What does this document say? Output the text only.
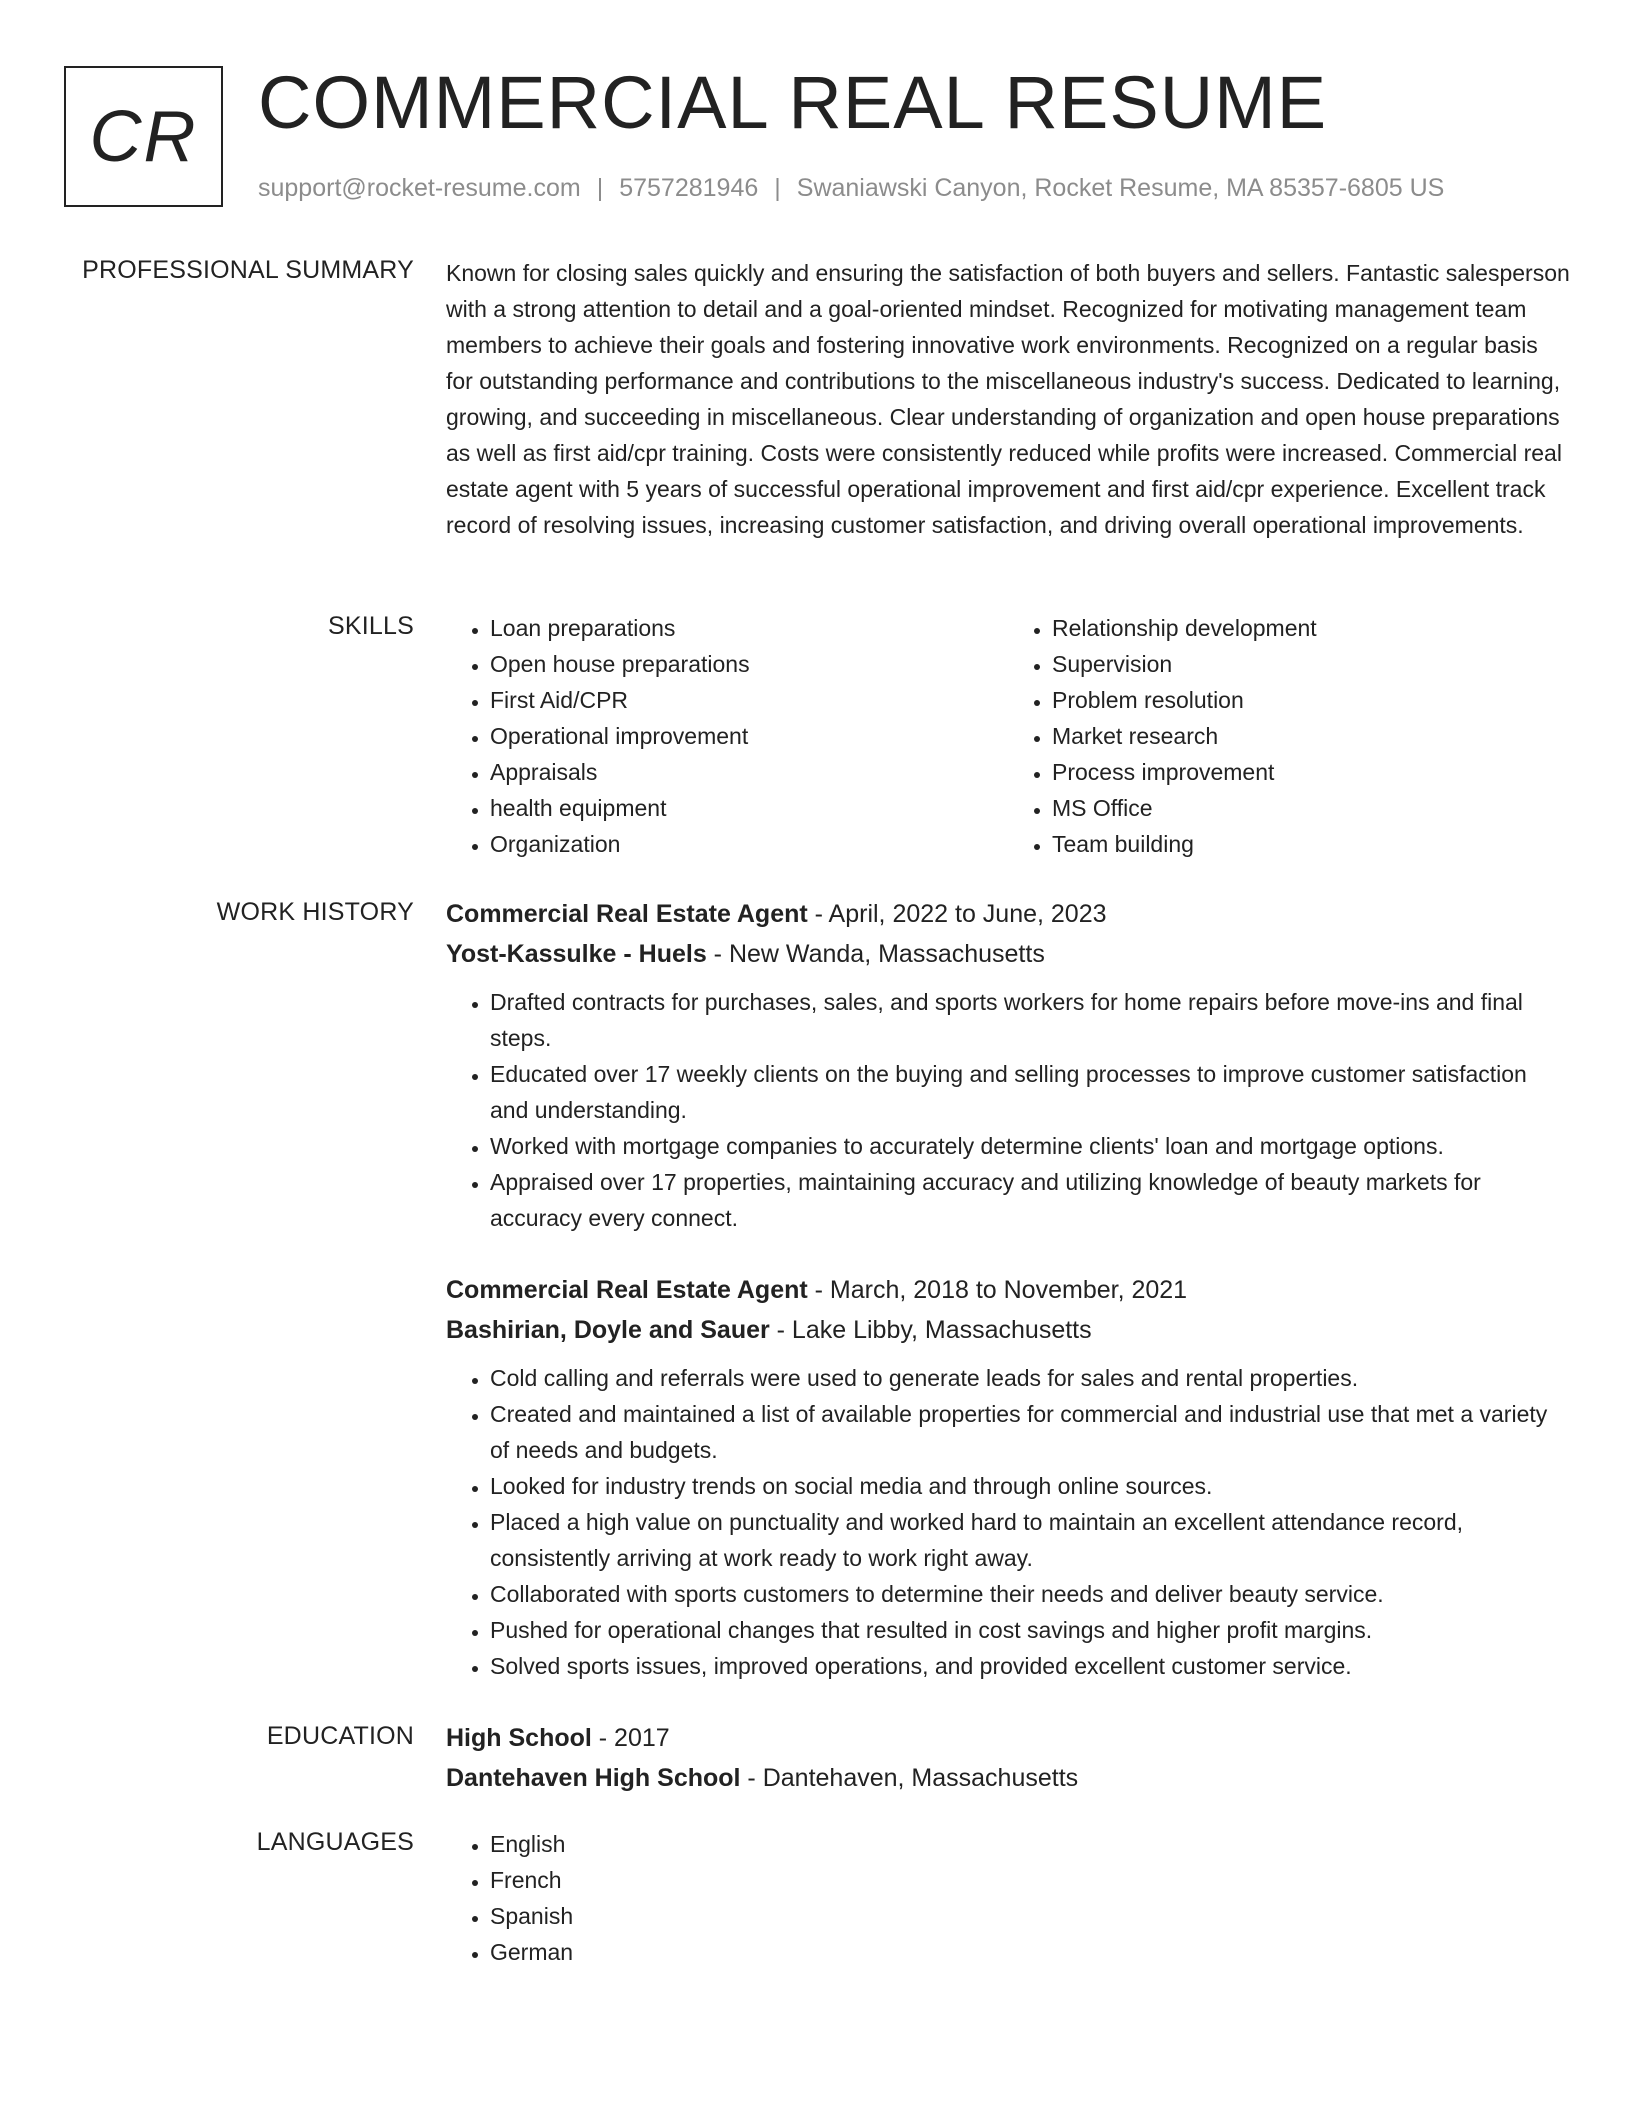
CR COMMERCIAL REAL RESUME
support@rocket-resume.com | 5757281946 | Swaniawski Canyon, Rocket Resume, MA 85357-6805 US
PROFESSIONAL SUMMARY Known for closing sales quickly and ensuring the satisfaction of both buyers and sellers. Fantastic salesperson with a strong attention to detail and a goal-oriented mindset. Recognized for motivating management team members to achieve their goals and fostering innovative work environments. Recognized on a regular basis for outstanding performance and contributions to the miscellaneous industry's success. Dedicated to learning, growing, and succeeding in miscellaneous. Clear understanding of organization and open house preparations as well as first aid/cpr training. Costs were consistently reduced while profits were increased. Commercial real estate agent with 5 years of successful operational improvement and first aid/cpr experience. Excellent track record of resolving issues, increasing customer satisfaction, and driving overall operational improvements.

SKILLS	• Loan preparations
• Open house preparations
• First Aid/CPR
• Operational improvement
• Appraisals
• health equipment
• Organization
• Relationship development
• Supervision
• Problem resolution
• Market research
• Process improvement
• MS Office
• Team building
WORK HISTORY Commercial Real Estate Agent - April, 2022 to June, 2023
Yost-Kassulke - Huels - New Wanda, Massachusetts
• Drafted contracts for purchases, sales, and sports workers for home repairs before move-ins and final steps.
• Educated over 17 weekly clients on the buying and selling processes to improve customer satisfaction and understanding.
• Worked with mortgage companies to accurately determine clients' loan and mortgage options.
• Appraised over 17 properties, maintaining accuracy and utilizing knowledge of beauty markets for accuracy every connect.
Commercial Real Estate Agent - March, 2018 to November, 2021
Bashirian, Doyle and Sauer - Lake Libby, Massachusetts
• Cold calling and referrals were used to generate leads for sales and rental properties.
• Created and maintained a list of available properties for commercial and industrial use that met a variety of needs and budgets.
• Looked for industry trends on social media and through online sources.
• Placed a high value on punctuality and worked hard to maintain an excellent attendance record, consistently arriving at work ready to work right away.
• Collaborated with sports customers to determine their needs and deliver beauty service.
• Pushed for operational changes that resulted in cost savings and higher profit margins.
• Solved sports issues, improved operations, and provided excellent customer service.
EDUCATION High School - 2017
Dantehaven High School - Dantehaven, Massachusetts
LANGUAGES	• English
• French
• Spanish
• German
